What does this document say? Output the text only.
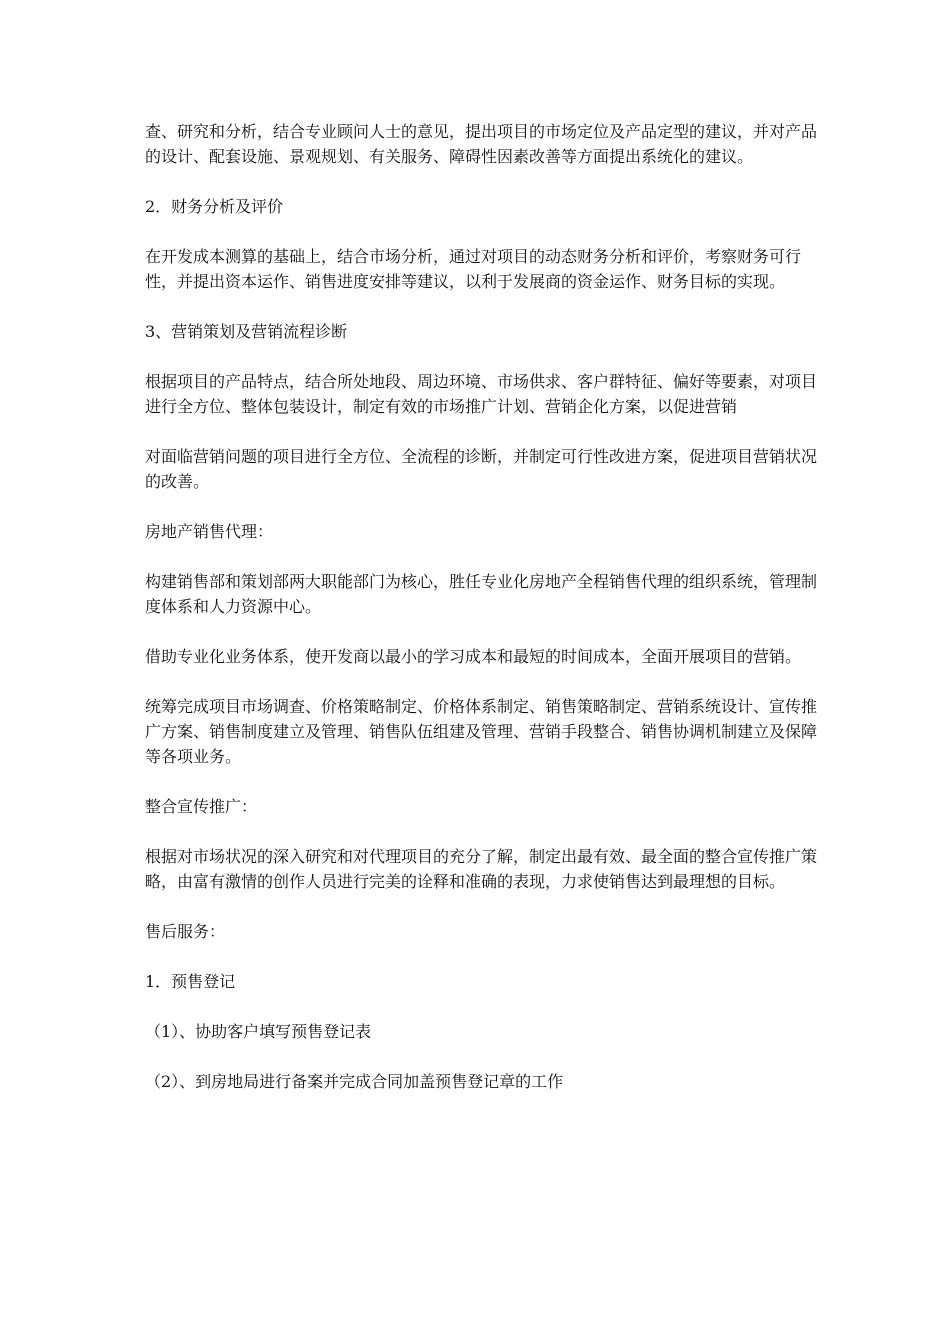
查、研究和分析，结合专业顾问人士的意见，提出项目的市场定位及产品定型的建议，并对产品的设计、配套设施、景观规划、有关服务、障碍性因素改善等方面提出系统化的建议。

2．财务分析及评价

在开发成本测算的基础上，结合市场分析，通过对项目的动态财务分析和评价，考察财务可行性，并提出资本运作、销售进度安排等建议，以利于发展商的资金运作、财务目标的实现。

3、营销策划及营销流程诊断

根据项目的产品特点，结合所处地段、周边环境、市场供求、客户群特征、偏好等要素，对项目进行全方位、整体包装设计，制定有效的市场推广计划、营销企化方案，以促进营销

对面临营销问题的项目进行全方位、全流程的诊断，并制定可行性改进方案，促进项目营销状况的改善。

房地产销售代理：

构建销售部和策划部两大职能部门为核心，胜任专业化房地产全程销售代理的组织系统，管理制度体系和人力资源中心。

借助专业化业务体系，使开发商以最小的学习成本和最短的时间成本，全面开展项目的营销。

统筹完成项目市场调查、价格策略制定、价格体系制定、销售策略制定、营销系统设计、宣传推广方案、销售制度建立及管理、销售队伍组建及管理、营销手段整合、销售协调机制建立及保障等各项业务。

整合宣传推广：

根据对市场状况的深入研究和对代理项目的充分了解，制定出最有效、最全面的整合宣传推广策略，由富有激情的创作人员进行完美的诠释和准确的表现，力求使销售达到最理想的目标。

售后服务：

1．预售登记

（1）、协助客户填写预售登记表

（2）、到房地局进行备案并完成合同加盖预售登记章的工作
